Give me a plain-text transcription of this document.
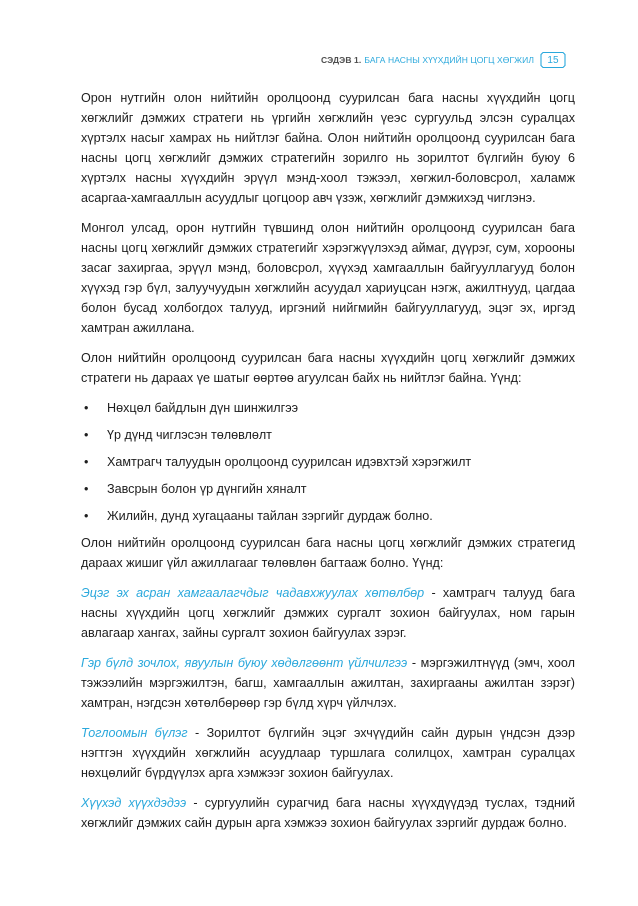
СЭДЭВ 1. БАГА НАСНЫ ХҮҮХДИЙН ЦОГЦ ХӨГЖИЛ 15

Орон нутгийн олон нийтийн оролцоонд суурилсан бага насны хүүхдийн цогц хөгжлийг дэмжих стратеги нь үргийн хөгжлийн үеэс сургуульд элсэн суралцах хүртэлх насыг хамрах нь нийтлэг байна. Олон нийтийн оролцоонд суурилсан бага насны цогц хөгжлийг дэмжих стратегийн зорилго нь зорилтот бүлгийн буюу 6 хүртэлх насны хүүхдийн эрүүл мэнд-хоол тэжээл, хөгжил-боловсрол, халамж асаргаа-хамгааллын асуудлыг цогцоор авч үзэж, хөгжлийг дэмжихэд чиглэнэ.

Монгол улсад, орон нутгийн түвшинд олон нийтийн оролцоонд суурилсан бага насны цогц хөгжлийг дэмжих стратегийг хэрэгжүүлэхэд аймаг, дүүрэг, сум, хорооны засаг захиргаа, эрүүл мэнд, боловсрол, хүүхэд хамгааллын байгууллагууд болон хүүхэд гэр бүл, залуучуудын хөгжлийн асуудал хариуцсан нэгж, ажилтнууд, цагдаа болон бусад холбогдох талууд, иргэний нийгмийн байгууллагууд, эцэг эх, иргэд хамтран ажиллана.

Олон нийтийн оролцоонд суурилсан бага насны хүүхдийн цогц хөгжлийг дэмжих стратеги нь дараах үе шатыг өөртөө агуулсан байх нь нийтлэг байна. Үүнд:

• Нөхцөл байдлын дүн шинжилгээ
• Үр дүнд чиглэсэн төлөвлөлт
• Хамтрагч талуудын оролцоонд суурилсан идэвхтэй хэрэгжилт
• Завсрын болон үр дүнгийн хяналт
• Жилийн, дунд хугацааны тайлан зэргийг дурдаж болно.

Олон нийтийн оролцоонд суурилсан бага насны цогц хөгжлийг дэмжих стратегид дараах жишиг үйл ажиллагааг төлөвлөн багтааж болно. Үүнд:

Эцэг эх асран хамгаалагчдыг чадавхжуулах хөтөлбөр - хамтрагч талууд бага насны хүүхдийн цогц хөгжлийг дэмжих сургалт зохион байгуулах, ном гарын авлагаар хангах, зайны сургалт зохион байгуулах зэрэг.

Гэр бүлд зочлох, явуулын буюу хөдөлгөөнт үйлчилгээ - мэргэжилтнүүд (эмч, хоол тэжээлийн мэргэжилтэн, багш, хамгааллын ажилтан, захиргааны ажилтан зэрэг) хамтран, нэгдсэн хөтөлбөрөөр гэр бүлд хүрч үйлчлэх.

Тоглоомын бүлэг - Зорилтот бүлгийн эцэг эхчүүдийн сайн дурын үндсэн дээр нэгтгэн хүүхдийн хөгжлийн асуудлаар туршлага солилцох, хамтран суралцах нөхцөлийг бүрдүүлэх арга хэмжээг зохион байгуулах.

Хүүхэд хүүхдэдээ - сургуулийн сурагчид бага насны хүүхдүүдэд туслах, тэдний хөгжлийг дэмжих сайн дурын арга хэмжээ зохион байгуулах зэргийг дурдаж болно.
